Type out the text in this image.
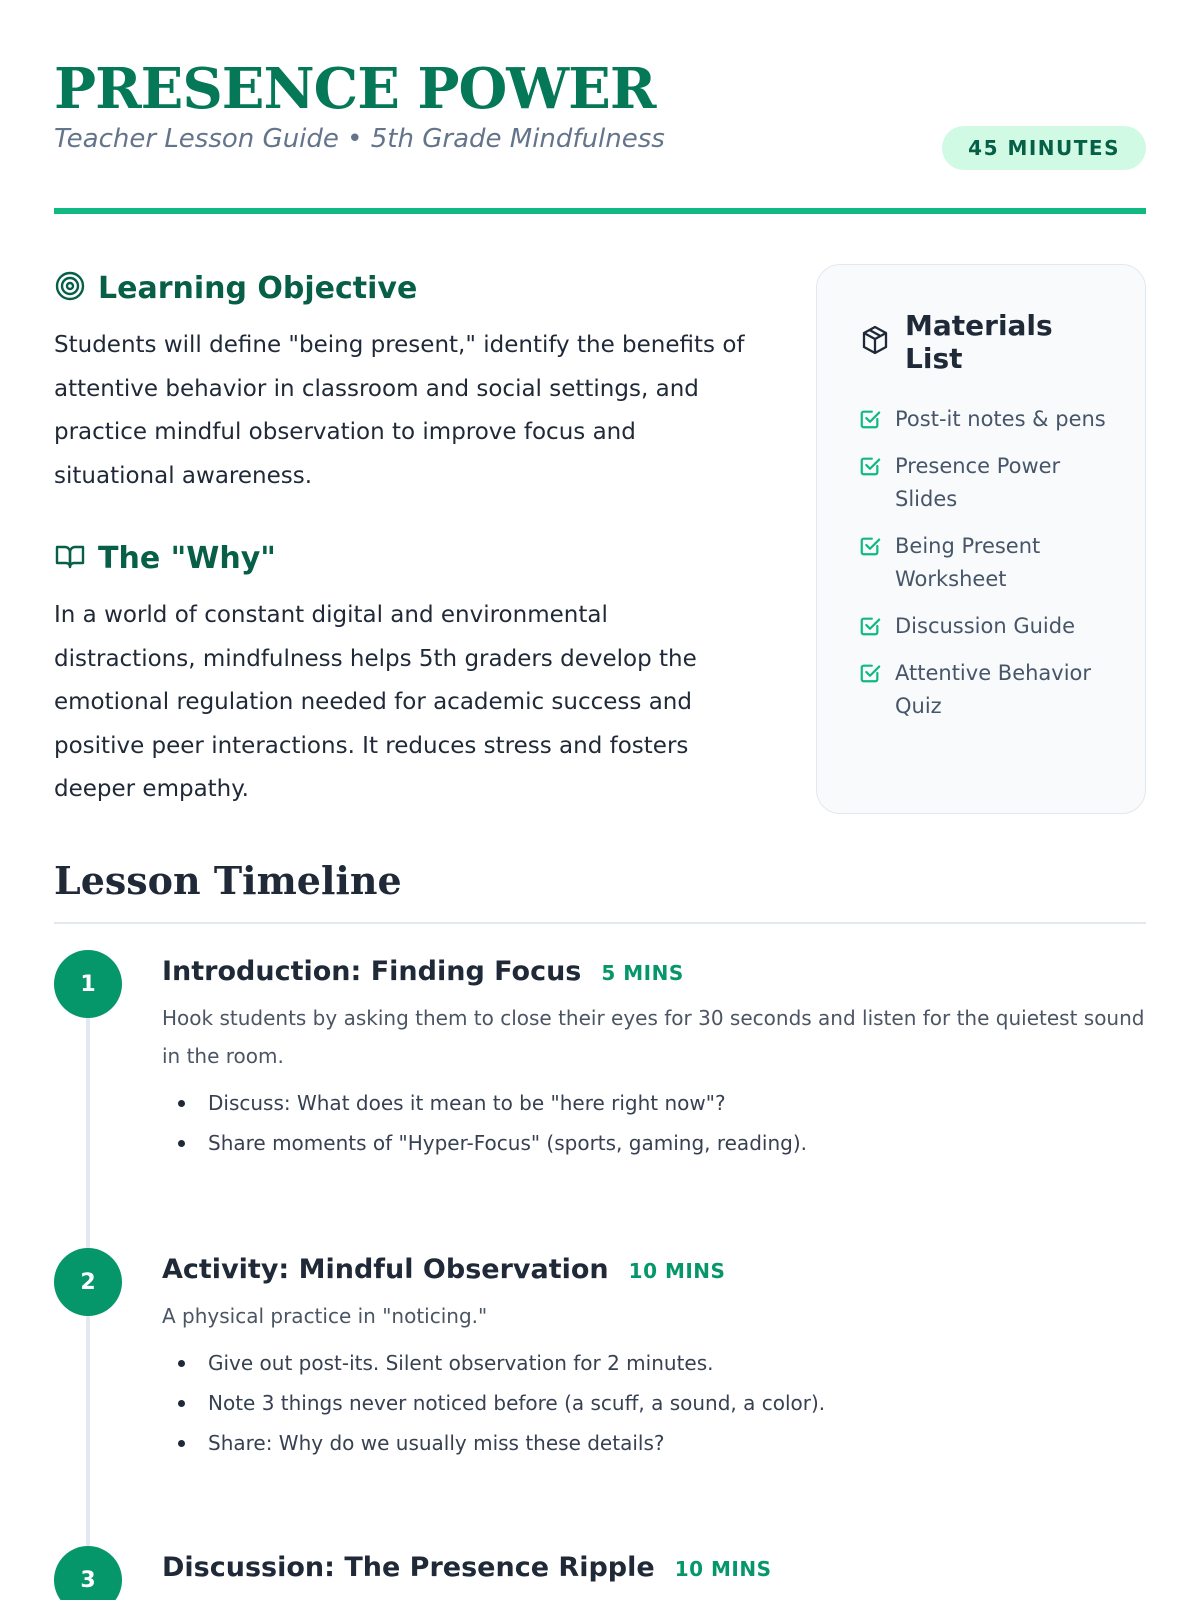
PRESENCE POWER
Teacher Lesson Guide • 5th Grade Mindfulness	45 MINUTES
Learning Objective

Students will define "being present," identify the benefits of attentive behavior in classroom and social settings, and practice mindful observation to improve focus and situational awareness.

The "Why"

In a world of constant digital and environmental distractions, mindfulness helps 5th graders develop the emotional regulation needed for academic success and positive peer interactions. It reduces stress and fosters deeper empathy.

Materials List
Post-it notes & pens
Presence Power Slides
Being Present Worksheet
Discussion Guide
Attentive Behavior Quiz
Lesson Timeline
1	Introduction: Finding Focus 5 MINS

Hook students by asking them to close their eyes for 30 seconds and listen for the quietest sound in the room.

Discuss: What does it mean to be "here right now"?
Share moments of "Hyper-Focus" (sports, gaming, reading).
2	Activity: Mindful Observation 10 MINS

A physical practice in "noticing."

Give out post-its. Silent observation for 2 minutes.
Note 3 things never noticed before (a scuff, a sound, a color).
Share: Why do we usually miss these details?
3	Discussion: The Presence Ripple 10 MINS
